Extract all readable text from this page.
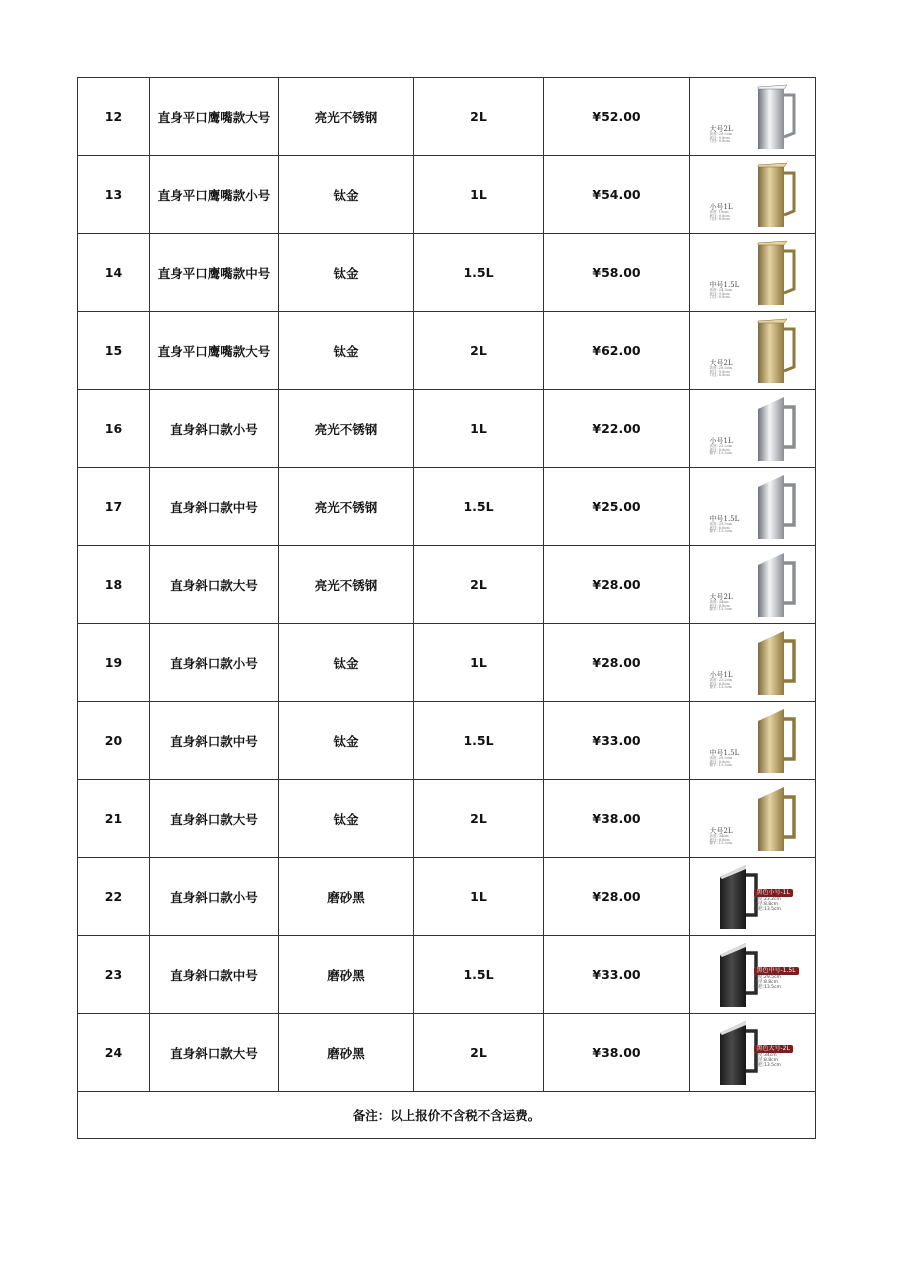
12	直身平口鹰嘴款大号	亮光不锈钢	2L	¥52.00	大号2L
高度: 29.5cm
底径: 9.8cm
口径: 8.8cm

13	直身平口鹰嘴款小号	钛金	1L	¥54.00	小号1L
高度: 19cm
底径: 9.8cm
口径: 8.8cm

14	直身平口鹰嘴款中号	钛金	1.5L	¥58.00	中号1.5L
高度: 24.3cm
底径: 9.8cm
口径: 8.8cm

15	直身平口鹰嘴款大号	钛金	2L	¥62.00	大号2L
高度: 29.5cm
底径: 9.8cm
口径: 8.8cm

16	直身斜口款小号	亮光不锈钢	1L	¥22.00	小号1L
高度: 23.2cm
底径: 8.8cm
握手: 13.5cm

17	直身斜口款中号	亮光不锈钢	1.5L	¥25.00	中号1.5L
高度: 29.5cm
底径: 8.8cm
握手: 13.5cm

18	直身斜口款大号	亮光不锈钢	2L	¥28.00	大号2L
高度: 34cm
底径: 8.8cm
握手: 13.5cm

19	直身斜口款小号	钛金	1L	¥28.00	小号1L
高度: 23.2cm
底径: 8.8cm
握手: 13.5cm

20	直身斜口款中号	钛金	1.5L	¥33.00	中号1.5L
高度: 29.5cm
底径: 8.8cm
握手: 13.5cm

21	直身斜口款大号	钛金	2L	¥38.00	大号2L
高度: 34cm
底径: 8.8cm
握手: 13.5cm

22	直身斜口款小号	磨砂黑	1L	¥28.00	黑色小号-1L
高度:23.2cm
底径:8.8cm
握把:13.5cm

23	直身斜口款中号	磨砂黑	1.5L	¥33.00	黑色中号-1.5L
高度:29.5cm
底径:8.8cm
握把:13.5cm

24	直身斜口款大号	磨砂黑	2L	¥38.00	黑色大号-2L
高度:34cm
底径:8.8cm
握把:13.5cm

备注：以上报价不含税不含运费。					
